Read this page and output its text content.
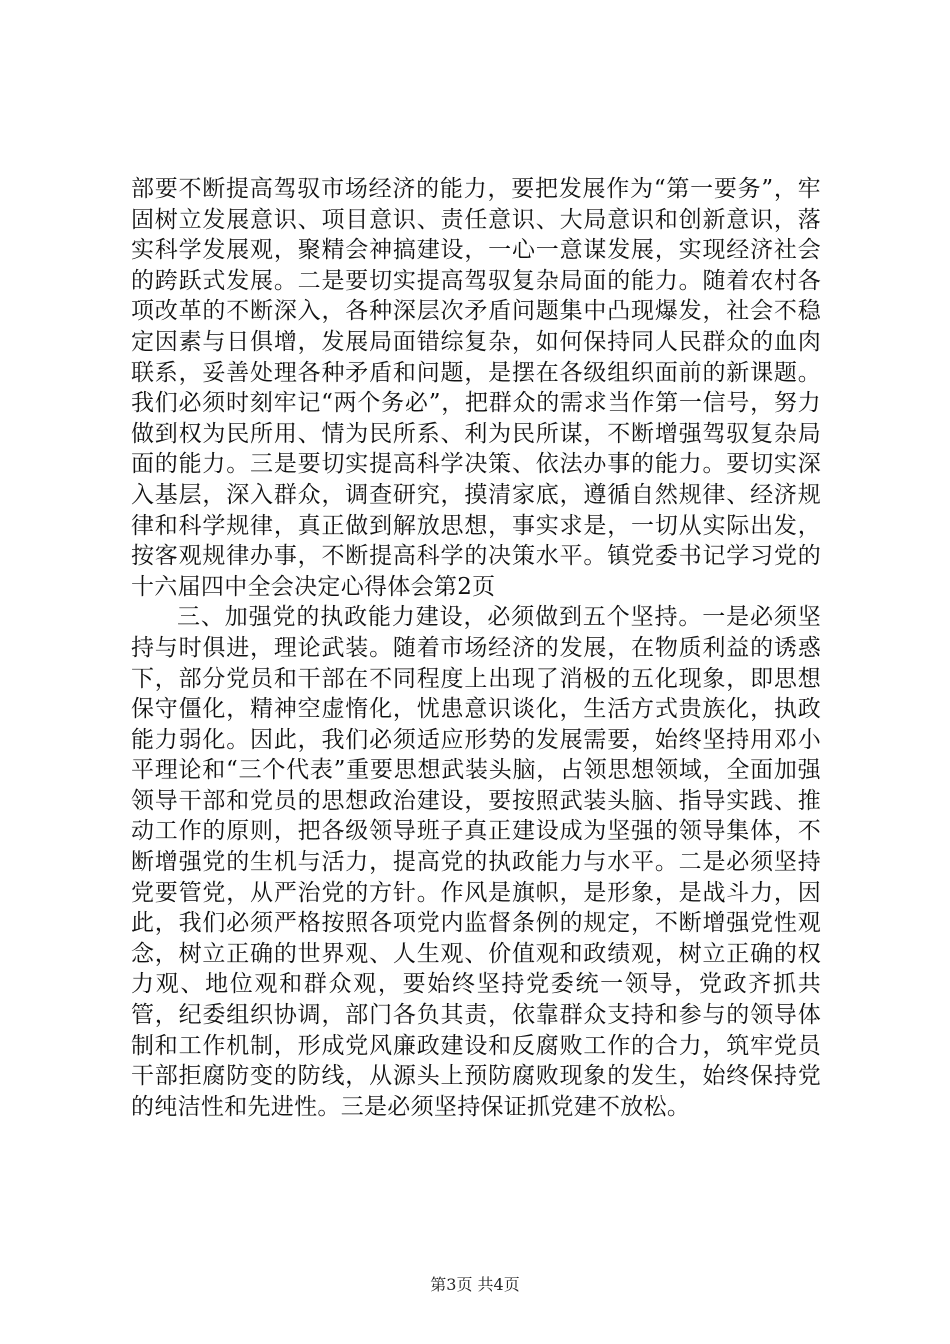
部要不断提高驾驭市场经济的能力，要把发展作为“第一要务”，牢固树立发展意识、项目意识、责任意识、大局意识和创新意识，落实科学发展观，聚精会神搞建设，一心一意谋发展，实现经济社会的跨跃式发展。二是要切实提高驾驭复杂局面的能力。随着农村各项改革的不断深入，各种深层次矛盾问题集中凸现爆发，社会不稳定因素与日俱增，发展局面错综复杂，如何保持同人民群众的血肉联系，妥善处理各种矛盾和问题，是摆在各级组织面前的新课题。我们必须时刻牢记“两个务必”，把群众的需求当作第一信号，努力做到权为民所用、情为民所系、利为民所谋，不断增强驾驭复杂局面的能力。三是要切实提高科学决策、依法办事的能力。要切实深入基层，深入群众，调查研究，摸清家底，遵循自然规律、经济规律和科学规律，真正做到解放思想，事实求是，一切从实际出发，按客观规律办事，不断提高科学的决策水平。镇党委书记学习党的十六届四中全会决定心得体会第2页

三、加强党的执政能力建设，必须做到五个坚持。一是必须坚持与时俱进，理论武装。随着市场经济的发展，在物质利益的诱惑下，部分党员和干部在不同程度上出现了消极的五化现象，即思想保守僵化，精神空虚惰化，忧患意识谈化，生活方式贵族化，执政能力弱化。因此，我们必须适应形势的发展需要，始终坚持用邓小平理论和“三个代表”重要思想武装头脑，占领思想领域，全面加强领导干部和党员的思想政治建设，要按照武装头脑、指导实践、推动工作的原则，把各级领导班子真正建设成为坚强的领导集体，不断增强党的生机与活力，提高党的执政能力与水平。二是必须坚持党要管党，从严治党的方针。作风是旗帜，是形象，是战斗力，因此，我们必须严格按照各项党内监督条例的规定，不断增强党性观念，树立正确的世界观、人生观、价值观和政绩观，树立正确的权力观、地位观和群众观，要始终坚持党委统一领导，党政齐抓共管，纪委组织协调，部门各负其责，依靠群众支持和参与的领导体制和工作机制，形成党风廉政建设和反腐败工作的合力，筑牢党员干部拒腐防变的防线，从源头上预防腐败现象的发生，始终保持党的纯洁性和先进性。三是必须坚持保证抓党建不放松。

第3页 共4页
